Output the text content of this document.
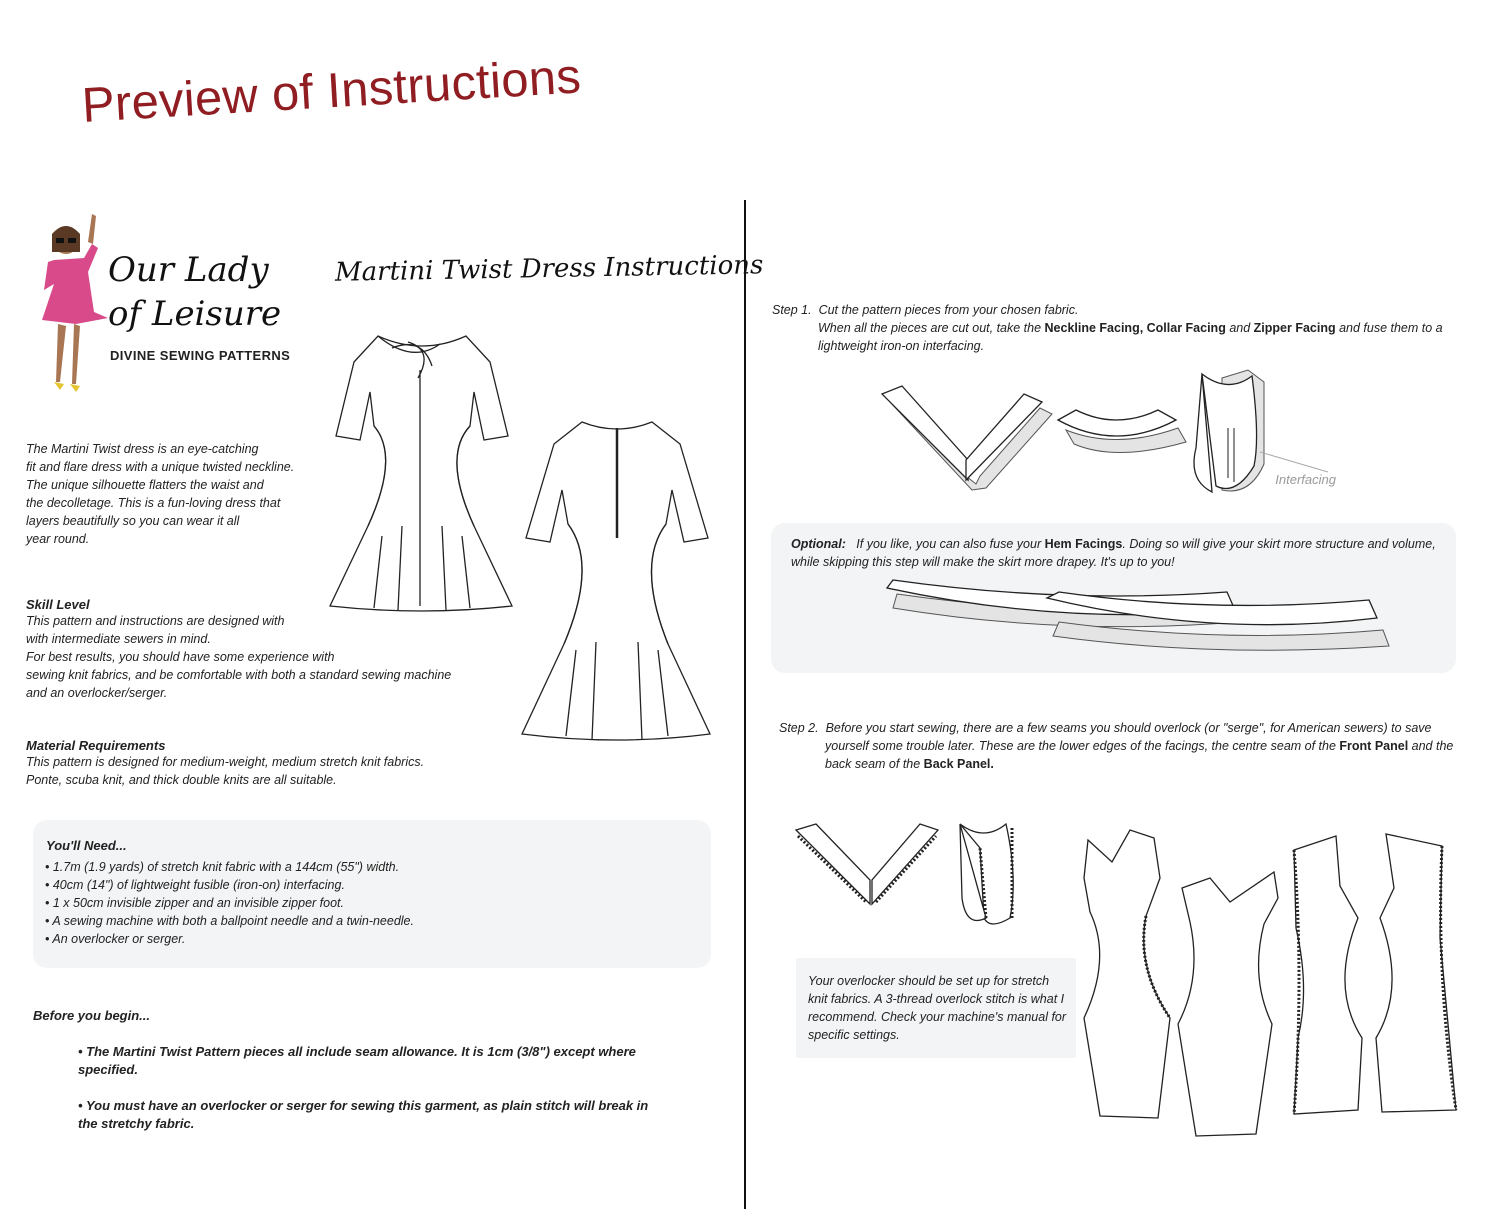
Preview of Instructions
Our Lady
of Leisure
DIVINE SEWING PATTERNS
Martini Twist Dress Instructions
The Martini Twist dress is an eye-catching
fit and flare dress with a unique twisted neckline.
The unique silhouette flatters the waist and
the decolletage. This is a fun-loving dress that
layers beautifully so you can wear it all
year round.
Skill Level
This pattern and instructions are designed with
with intermediate sewers in mind.
For best results, you should have some experience with
sewing knit fabrics, and be comfortable with both a standard sewing machine
and an overlocker/serger.
Material Requirements
This pattern is designed for medium-weight, medium stretch knit fabrics.
Ponte, scuba knit, and thick double knits are all suitable.
You'll Need...
• 1.7m (1.9 yards) of stretch knit fabric with a 144cm (55") width.
• 40cm (14") of lightweight fusible (iron-on) interfacing.
• 1 x 50cm invisible zipper and an invisible zipper foot.
• A sewing machine with both a ballpoint needle and a twin-needle.
• An overlocker or serger.
Before you begin...
• The Martini Twist Pattern pieces all include seam allowance. It is 1cm (3/8") except where specified.
• You must have an overlocker or serger for sewing this garment, as plain stitch will break in the stretchy fabric.
Step 1. Cut the pattern pieces from your chosen fabric.
When all the pieces are cut out, take the Neckline Facing, Collar Facing and Zipper Facing and fuse them to a lightweight iron-on interfacing.
Interfacing
Optional: If you like, you can also fuse your Hem Facings. Doing so will give your skirt more structure and volume, while skipping this step will make the skirt more drapey. It's up to you!
Step 2. Before you start sewing, there are a few seams you should overlock (or "serge", for American sewers) to save yourself some trouble later. These are the lower edges of the facings, the centre seam of the Front Panel and the back seam of the Back Panel.
Your overlocker should be set up for stretch knit fabrics. A 3-thread overlock stitch is what I recommend. Check your machine's manual for specific settings.
